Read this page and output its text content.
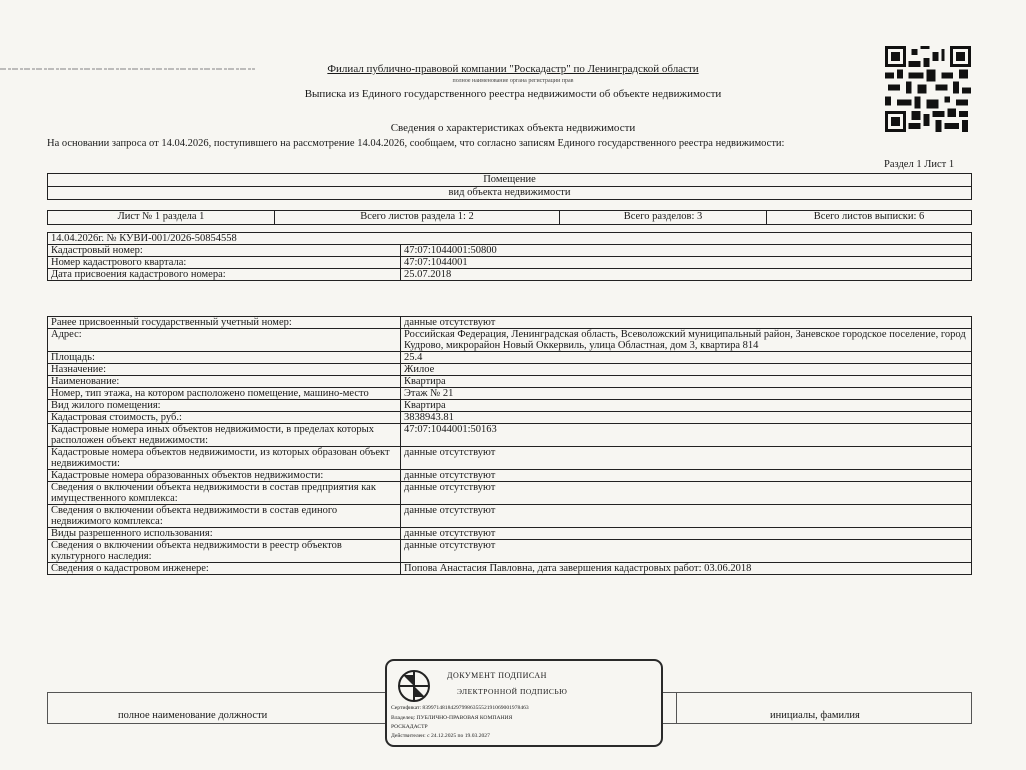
Филиал публично-правовой компании "Роскадастр" по Ленинградской области
полное наименование органа регистрации прав
Выписка из Единого государственного реестра недвижимости об объекте недвижимости
Сведения о характеристиках объекта недвижимости
На основании запроса от 14.04.2026, поступившего на рассмотрение 14.04.2026, сообщаем, что согласно записям Единого государственного реестра недвижимости:
Раздел 1 Лист 1
Помещение
вид объекта недвижимости
Лист № 1 раздела 1	Всего листов раздела 1: 2	Всего разделов: 3	Всего листов выписки: 6
14.04.2026г. № КУВИ-001/2026-50854558	
Кадастровый номер:	47:07:1044001:50800
Номер кадастрового квартала:	47:07:1044001
Дата присвоения кадастрового номера:	25.07.2018
Ранее присвоенный государственный учетный номер:	данные отсутствуют
Адрес:	Российская Федерация, Ленинградская область, Всеволожский муниципальный район, Заневское городское поселение, город Кудрово, микрорайон Новый Оккервиль, улица Областная, дом 3, квартира 814
Площадь:	25.4
Назначение:	Жилое
Наименование:	Квартира
Номер, тип этажа, на котором расположено помещение, машино-место	Этаж № 21
Вид жилого помещения:	Квартира
Кадастровая стоимость, руб.:	3838943.81
Кадастровые номера иных объектов недвижимости, в пределах которых расположен объект недвижимости:	47:07:1044001:50163
Кадастровые номера объектов недвижимости, из которых образован объект недвижимости:	данные отсутствуют
Кадастровые номера образованных объектов недвижимости:	данные отсутствуют
Сведения о включении объекта недвижимости в состав предприятия как имущественного комплекса:	данные отсутствуют
Сведения о включении объекта недвижимости в состав единого недвижимого комплекса:	данные отсутствуют
Виды разрешенного использования:	данные отсутствуют
Сведения о включении объекта недвижимости в реестр объектов культурного наследия:	данные отсутствуют
Сведения о кадастровом инженере:	Попова Анастасия Павловна, дата завершения кадастровых работ: 03.06.2018
полное наименование должности	инициалы, фамилия
ДОКУМЕНТ ПОДПИСАН
ЭЛЕКТРОННОЙ ПОДПИСЬЮ
Сертификат: 83997148184297998635552191069001978463
Владелец: ПУБЛИЧНО-ПРАВОВАЯ КОМПАНИЯ
РОСКАДАСТР
Действителен: с 24.12.2025 по 19.03.2027
